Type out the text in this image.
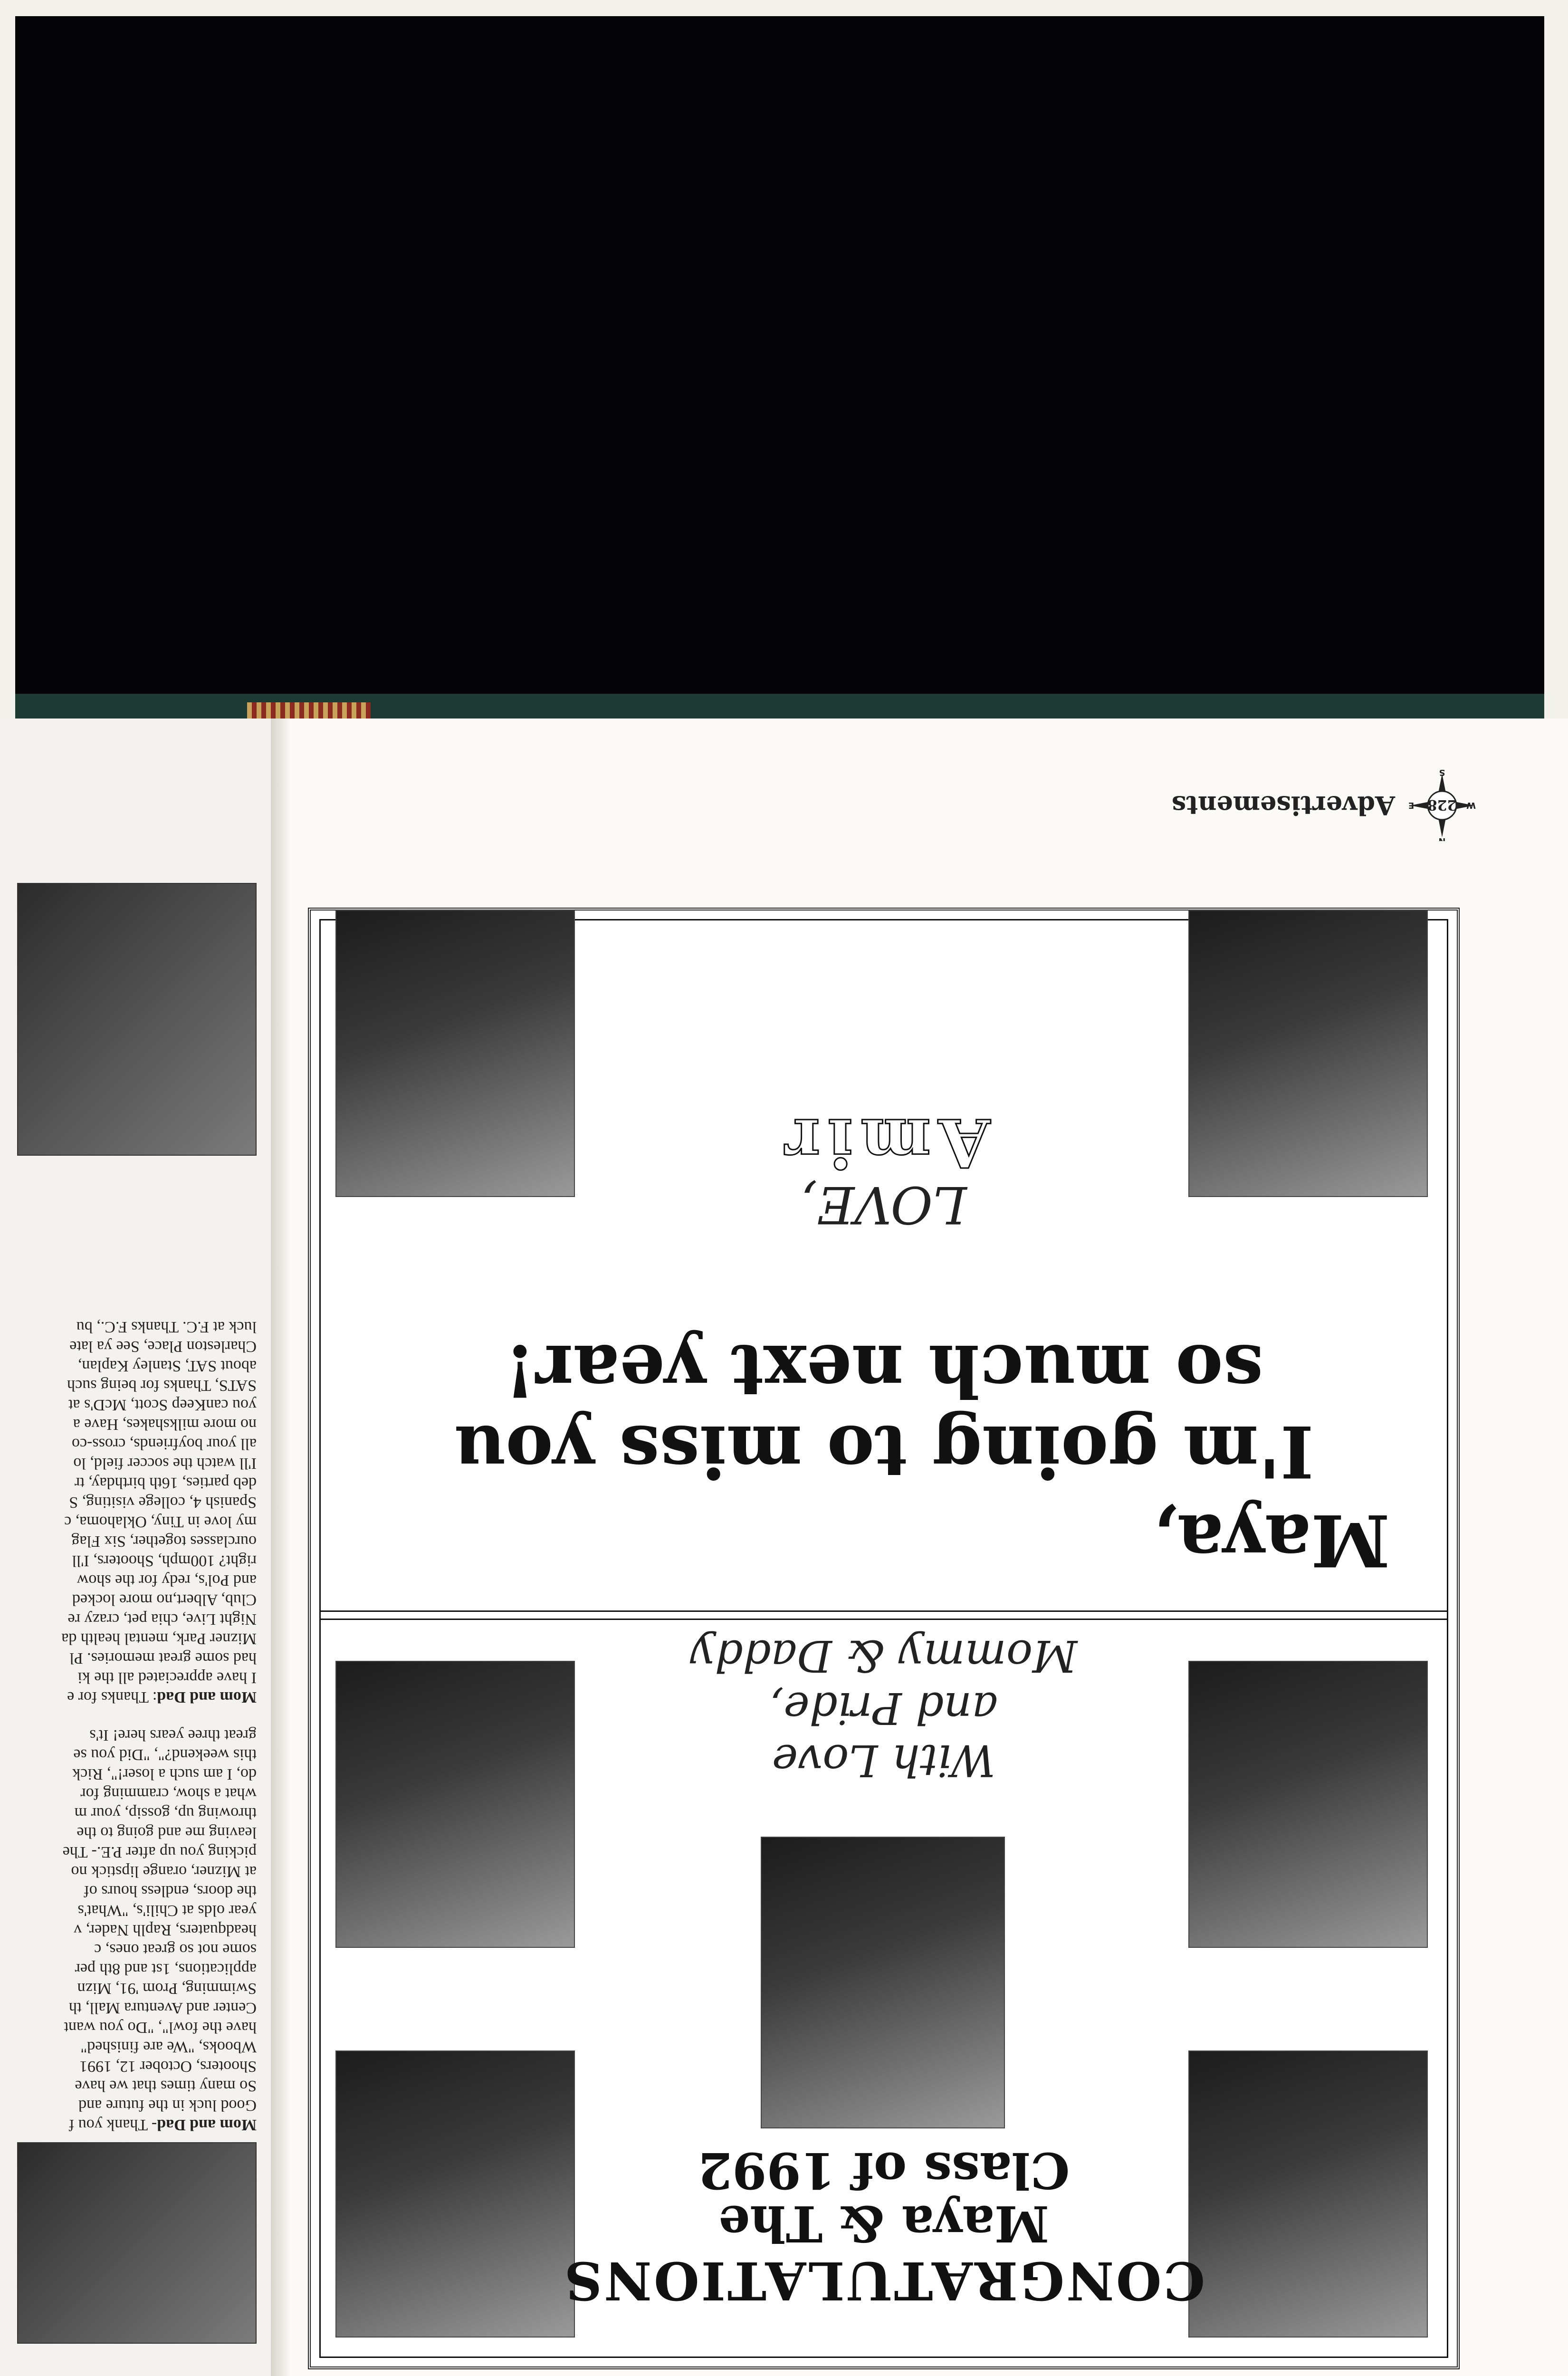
Mom and Dad- Thank you f

Good luck in the future and

So many times that we have

Shooters, October 12, 1991

Wbooks, "We are finished"

have the fowl", "Do you want

Center and Aventura Mall, th

Swimming, Prom '91, Mizn

applications, 1st and 8th per

some not so great ones, c

headquaters, Raplh Nader, v

year olds at Chili's, "What's

the doors, endless hours of

at Mizner, orange lipstick no

picking you up after P.E.- The

leaving me and going to the

throwing up, gossip, your m

what a show, cramming for

do, I am such a loser!", Rick

this weekend?", "Did you se

great three years here! It's

Mom and Dad: Thanks for e

I have appreciated all the ki

had some great memories. Pl

Mizner Park, mental health da

Night Live, chia pet, crazy re

Club, Albert,no more locked

and Pol's, redy for the show

right? 100mph, Shooters, I'll

ourclasses together, Six Flag

my love in Tiny, Oklahoma, c

Spanish 4, college visiting, S

deb parties, 16th birthday, tr

I'll watch the soccer field, lo

all your boyfriends, cross-co

no more milkshakes, Have a

you canKeep Scott, McD's at

SATS, Thanks for being such

about SAT, Stanley Kaplan,

Charleston Place, See ya late

luck at F.C. Thanks F.C., bu

CONGRATULATIONS
Maya & The
Class of 1992
With Love
and Pride,
Mommy & Daddy
Maya,
I'm going to miss you
so much next year!
LOVE,
Amir
228
N
S
W
E
Advertisements
